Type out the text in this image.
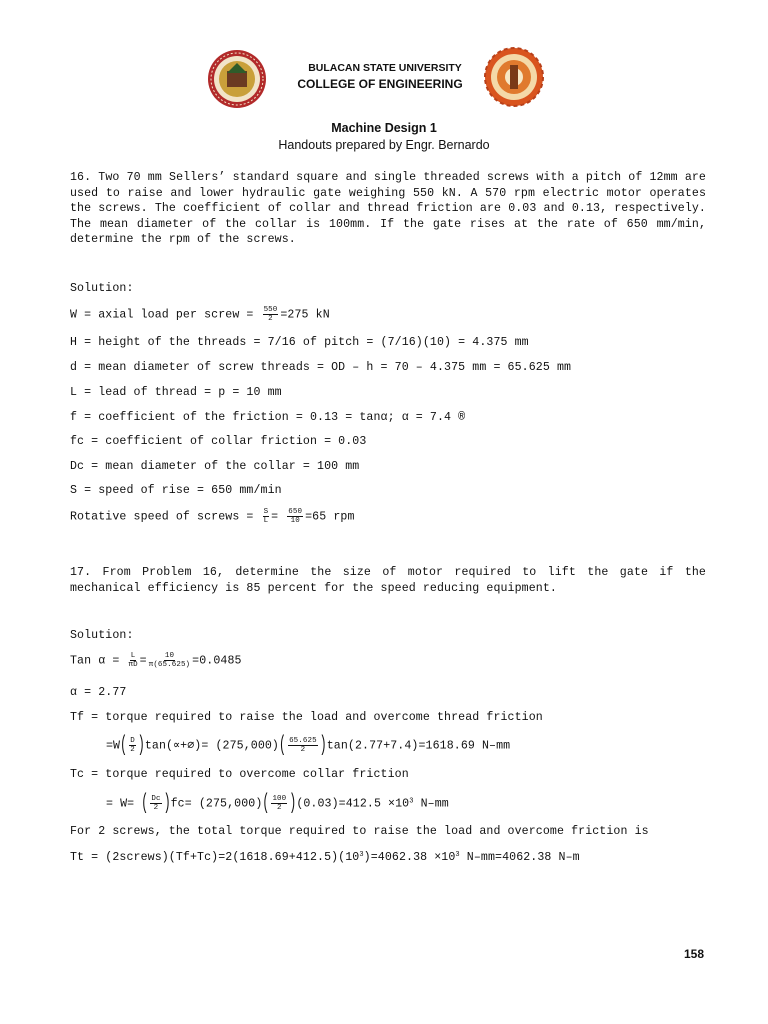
BULACAN STATE UNIVERSITY
COLLEGE OF ENGINEERING
Machine Design 1
Handouts prepared by Engr. Bernardo
16. Two 70 mm Sellers’ standard square and single threaded screws with a pitch of 12mm are used to raise and lower hydraulic gate weighing 550 kN. A 570 rpm electric motor operates the screws. The coefficient of collar and thread friction are 0.03 and 0.13, respectively. The mean diameter of the collar is 100mm. If the gate rises at the rate of 650 mm/min, determine the rpm of the screws.
Solution:
W = axial load per screw = $\frac{550}{2} =275$ kN
H = height of the threads = 7/16 of pitch = (7/16)(10) = 4.375 mm
d = mean diameter of screw threads = OD – h = 70 – 4.375 mm = 65.625 mm
L = lead of thread = p = 10 mm
f = coefficient of the friction = 0.13 = tanα; α = 7.4 ®
fc = coefficient of collar friction = 0.03
Dc = mean diameter of the collar = 100 mm
S = speed of rise = 650 mm/min
Rotative speed of screws = $\frac{S}{L} = \frac{650}{10} =65$ rpm
17. From Problem 16, determine the size of motor required to lift the gate if the mechanical efficiency is 85 percent for the speed reducing equipment.
Solution:
Tan $\alpha = \frac{L}{\pi D} = \frac{10}{\pi(65.625)} =0.0485$
α = 2.77
Tf = torque required to raise the load and overcome thread friction
$=W( \frac{D}{2}$ )tan(∝+∅)= $(275,000)( \frac{65.625}{2} )\tan(2.77+7.4)=1618.69$ N–mm
Tc = torque required to overcome collar friction
= W= ( $\frac{Dc}{2} )fc= (275,000)( \frac{100}{2} )(0.03)=412.5 \times 10^3$ N–mm
For 2 screws, the total torque required to raise the load and overcome friction is
$Tt = (2screws)(Tf+Tc)=2(1618.69+412.5)(10^3)=4062.38 \times 10^3$ N–mm=4062.38 N–m
158
